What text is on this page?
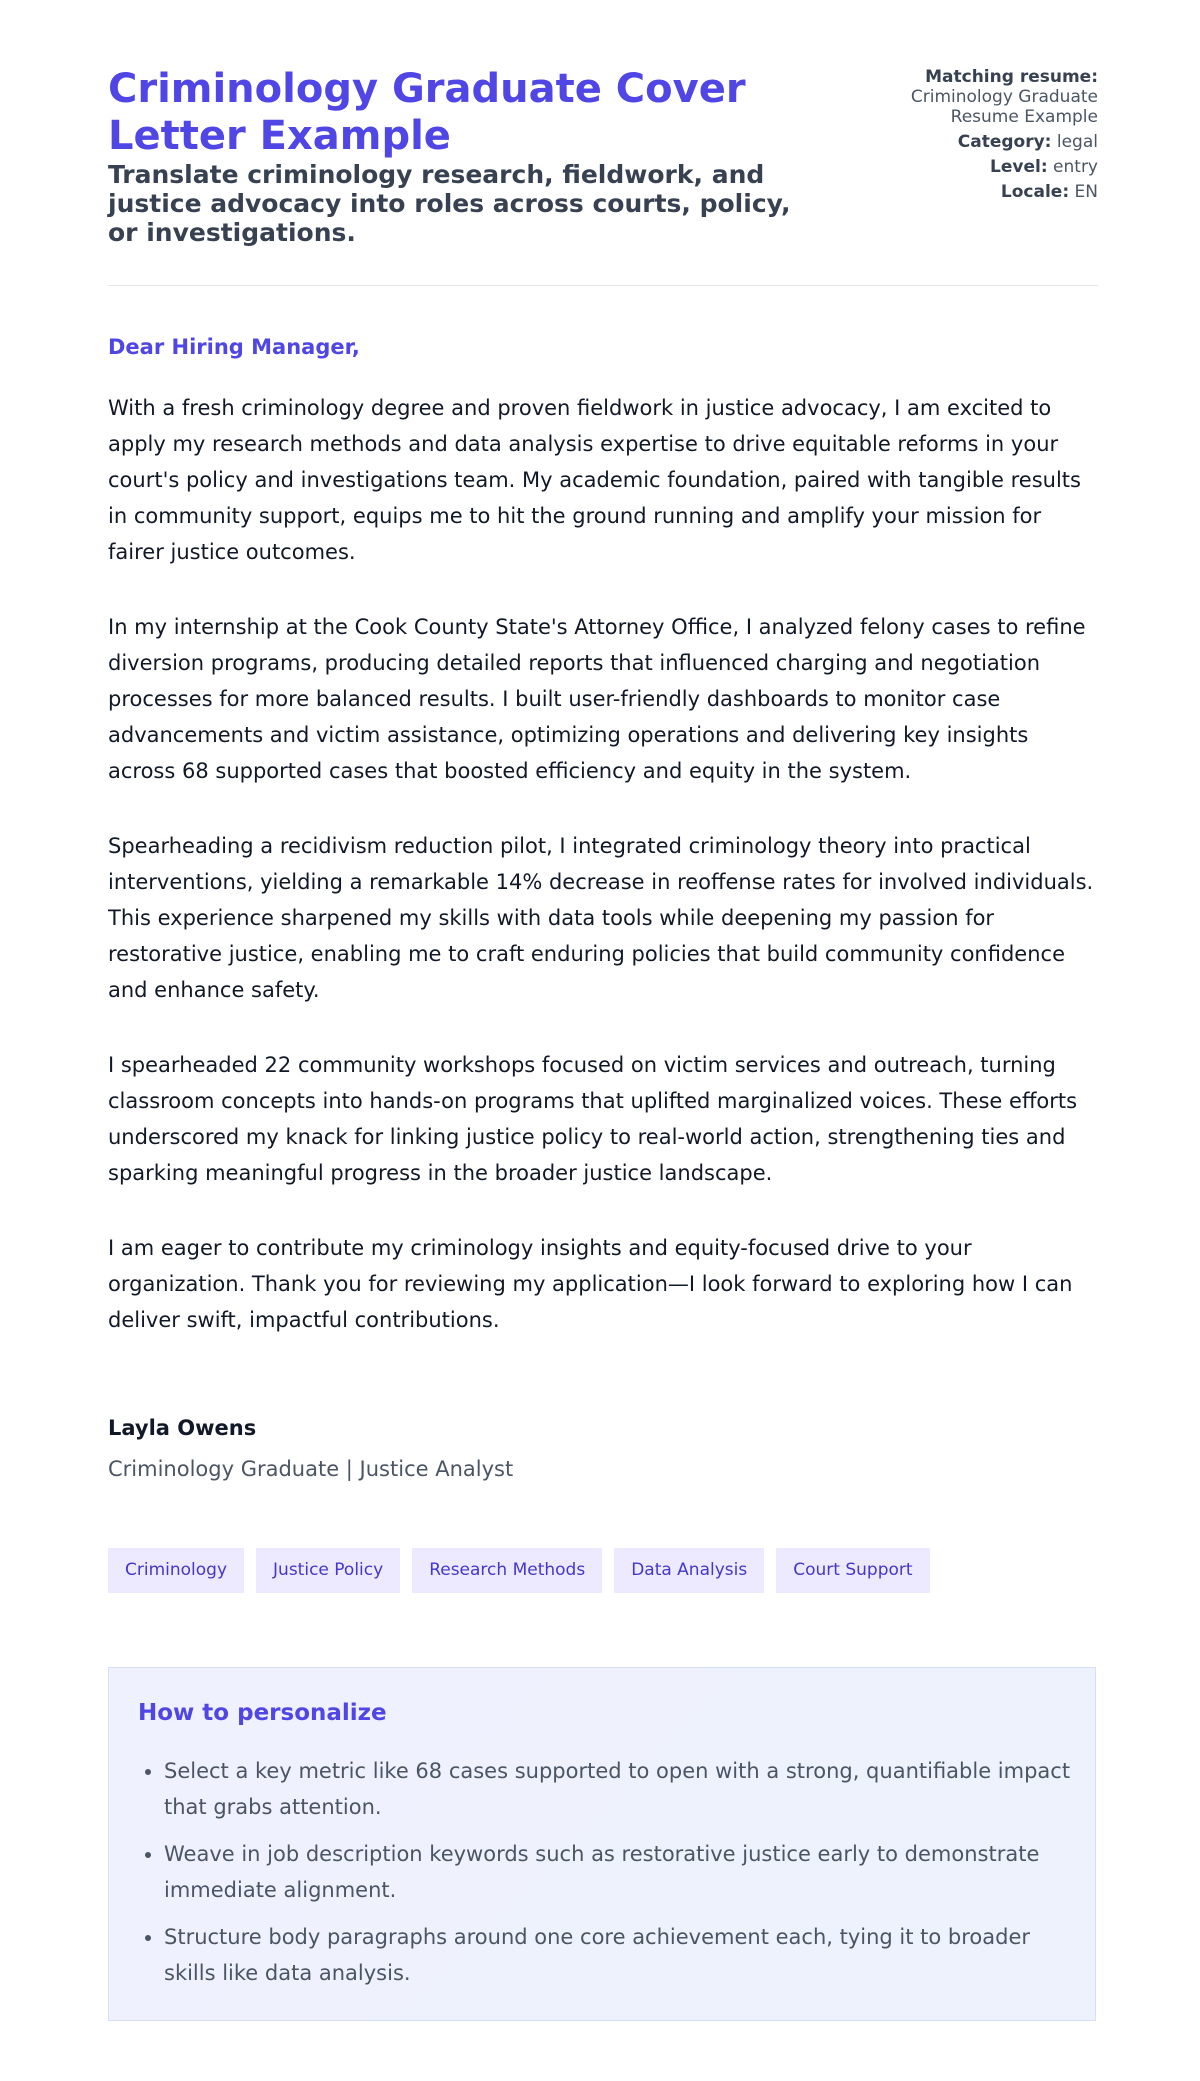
Criminology Graduate Cover Letter Example
Translate criminology research, fieldwork, and justice advocacy into roles across courts, policy, or investigations.
Matching resume:
Criminology Graduate Resume Example
Category: legal
Level: entry
Locale: EN
Dear Hiring Manager,

With a fresh criminology degree and proven fieldwork in justice advocacy, I am excited to apply my research methods and data analysis expertise to drive equitable reforms in your court's policy and investigations team. My academic foundation, paired with tangible results in community support, equips me to hit the ground running and amplify your mission for fairer justice outcomes.

In my internship at the Cook County State's Attorney Office, I analyzed felony cases to refine diversion programs, producing detailed reports that influenced charging and negotiation processes for more balanced results. I built user-friendly dashboards to monitor case advancements and victim assistance, optimizing operations and delivering key insights across 68 supported cases that boosted efficiency and equity in the system.

Spearheading a recidivism reduction pilot, I integrated criminology theory into practical interventions, yielding a remarkable 14% decrease in reoffense rates for involved individuals. This experience sharpened my skills with data tools while deepening my passion for restorative justice, enabling me to craft enduring policies that build community confidence and enhance safety.

I spearheaded 22 community workshops focused on victim services and outreach, turning classroom concepts into hands-on programs that uplifted marginalized voices. These efforts underscored my knack for linking justice policy to real-world action, strengthening ties and sparking meaningful progress in the broader justice landscape.

I am eager to contribute my criminology insights and equity-focused drive to your organization. Thank you for reviewing my application—I look forward to exploring how I can deliver swift, impactful contributions.

Layla Owens
Criminology Graduate | Justice Analyst
Criminology	Justice Policy	Research Methods	Data Analysis	Court Support
How to personalize
• Select a key metric like 68 cases supported to open with a strong, quantifiable impact that grabs attention.
• Weave in job description keywords such as restorative justice early to demonstrate immediate alignment.
• Structure body paragraphs around one core achievement each, tying it to broader skills like data analysis.
